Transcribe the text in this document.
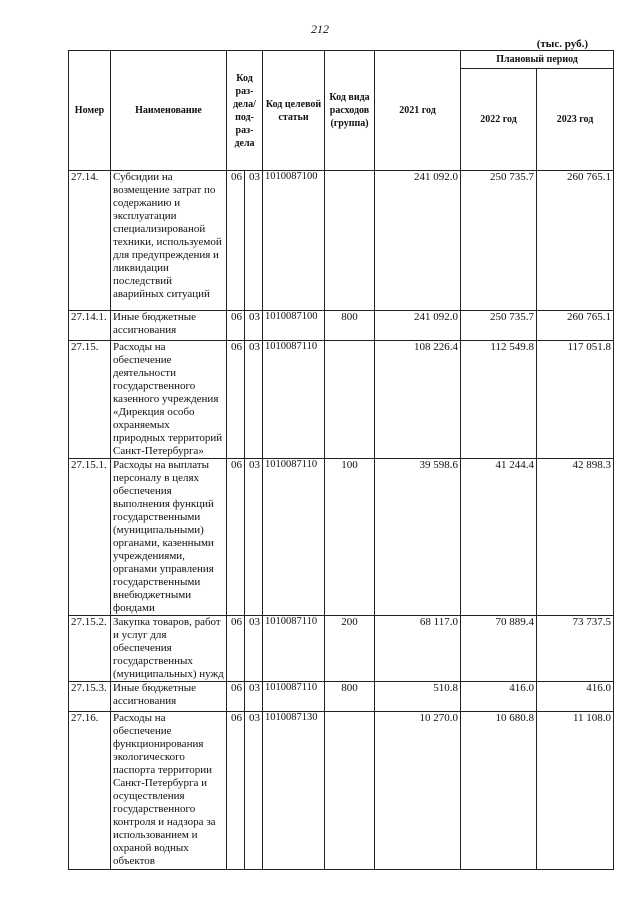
212
(тыс. руб.)
Номер	Наименование	Код раз- дела/ под- раз- дела		Код целевой статьи	Код вида расходов (группа)	2021 год	Плановый период	
							2022 год	2023 год
27.14.	Субсидии на возмещение затрат по содержанию и эксплуатации специализированой техники, используемой для предупреждения и ликвидации последствий аварийных ситуаций	06	03	1010087100		241 092.0	250 735.7	260 765.1
27.14.1.	Иные бюджетные ассигнования	06	03	1010087100	800	241 092.0	250 735.7	260 765.1
27.15.	Расходы на обеспечение деятельности государственного казенного учреждения «Дирекция особо охраняемых природных территорий Санкт-Петербурга»	06	03	1010087110		108 226.4	112 549.8	117 051.8
27.15.1.	Расходы на выплаты персоналу в целях обеспечения выполнения функций государственными (муниципальными) органами, казенными учреждениями, органами управления государственными внебюджетными фондами	06	03	1010087110	100	39 598.6	41 244.4	42 898.3
27.15.2.	Закупка товаров, работ и услуг для обеспечения государственных (муниципальных) нужд	06	03	1010087110	200	68 117.0	70 889.4	73 737.5
27.15.3.	Иные бюджетные ассигнования	06	03	1010087110	800	510.8	416.0	416.0
27.16.	Расходы на обеспечение функционирования экологического паспорта территории Санкт-Петербурга и осуществления государственного контроля и надзора за использованием и охраной водных объектов	06	03	1010087130		10 270.0	10 680.8	11 108.0
